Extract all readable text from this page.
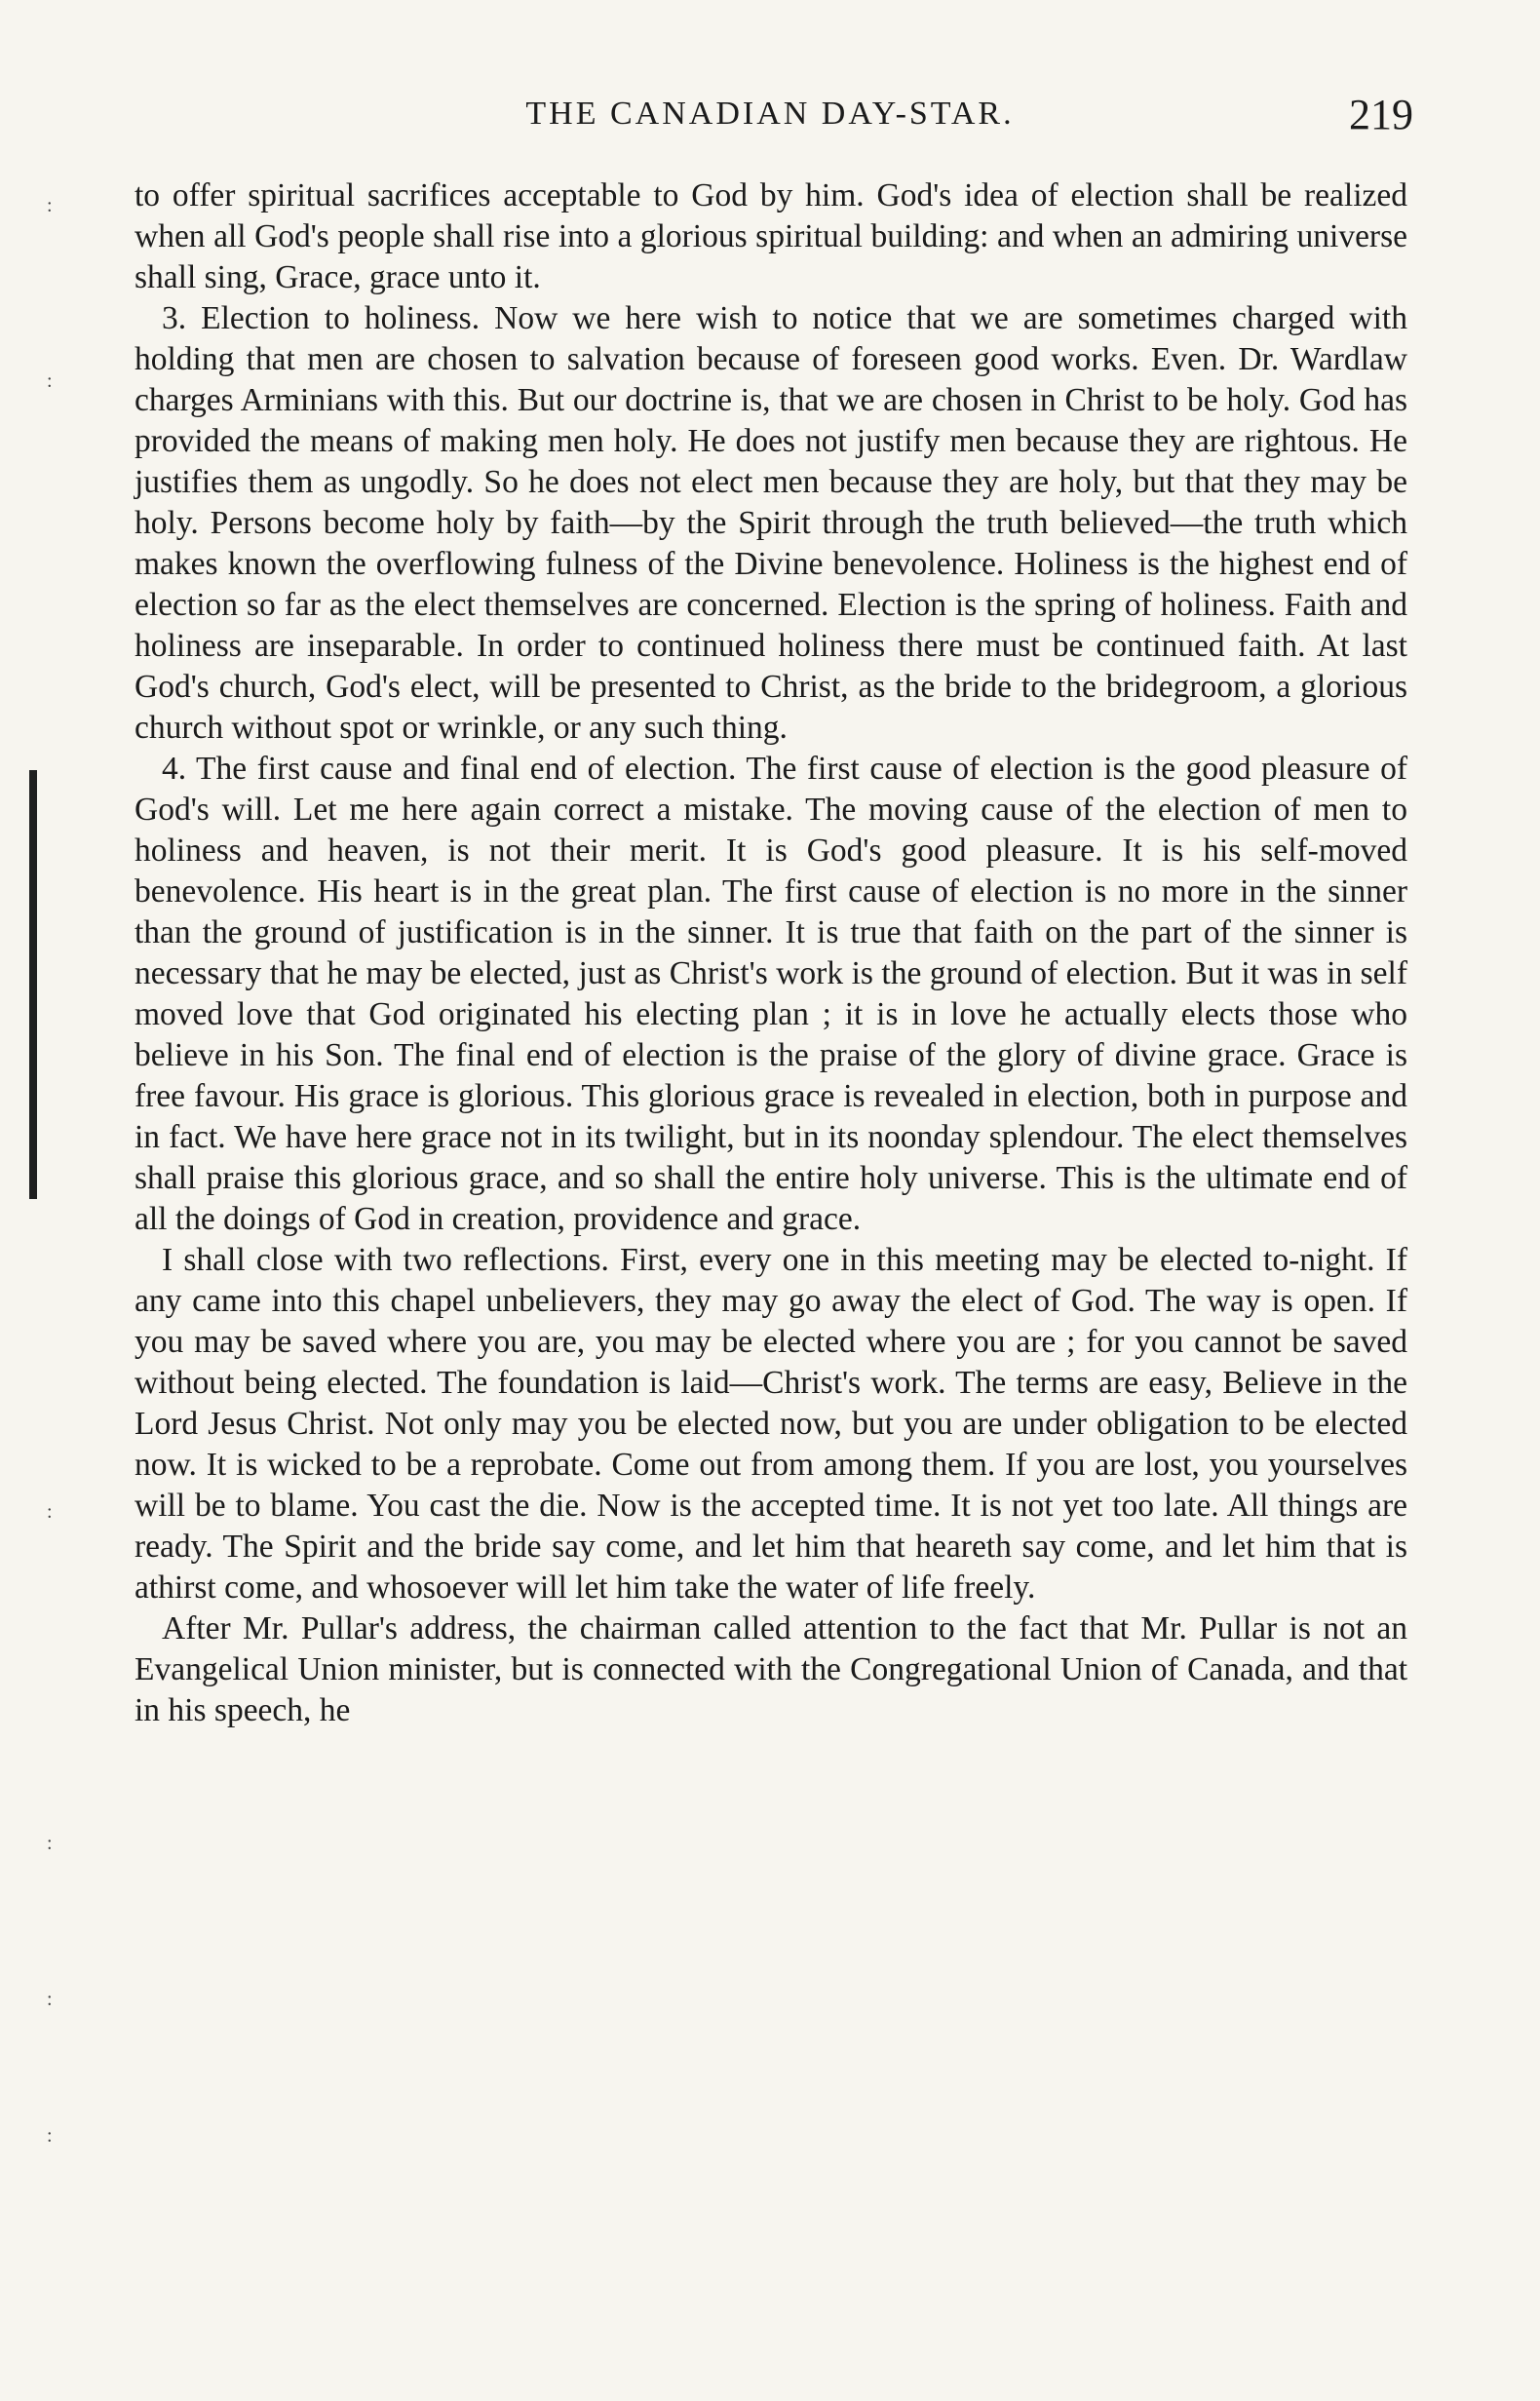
THE CANADIAN DAY-STAR.	219
:
:
:
:
:
:

to offer spiritual sacrifices acceptable to God by him. God's idea of election shall be realized when all God's people shall rise into a glorious spiritual building: and when an admiring universe shall sing, Grace, grace unto it.

3. Election to holiness. Now we here wish to notice that we are sometimes charged with holding that men are chosen to salvation because of foreseen good works. Even. Dr. Wardlaw charges Arminians with this. But our doctrine is, that we are chosen in Christ to be holy. God has provided the means of making men holy. He does not justify men because they are rightous. He justifies them as ungodly. So he does not elect men because they are holy, but that they may be holy. Persons become holy by faith—by the Spirit through the truth believed—the truth which makes known the overflowing fulness of the Divine benevolence. Holiness is the highest end of election so far as the elect themselves are concerned. Election is the spring of holiness. Faith and holiness are inseparable. In order to continued holiness there must be continued faith. At last God's church, God's elect, will be presented to Christ, as the bride to the bridegroom, a glorious church without spot or wrinkle, or any such thing.

4. The first cause and final end of election. The first cause of election is the good pleasure of God's will. Let me here again correct a mistake. The moving cause of the election of men to holiness and heaven, is not their merit. It is God's good pleasure. It is his self-moved benevolence. His heart is in the great plan. The first cause of election is no more in the sinner than the ground of justification is in the sinner. It is true that faith on the part of the sinner is necessary that he may be elected, just as Christ's work is the ground of election. But it was in self moved love that God originated his electing plan ; it is in love he actually elects those who believe in his Son. The final end of election is the praise of the glory of divine grace. Grace is free favour. His grace is glorious. This glorious grace is revealed in election, both in purpose and in fact. We have here grace not in its twilight, but in its noonday splendour. The elect themselves shall praise this glorious grace, and so shall the entire holy universe. This is the ultimate end of all the doings of God in creation, providence and grace.

I shall close with two reflections. First, every one in this meeting may be elected to-night. If any came into this chapel unbelievers, they may go away the elect of God. The way is open. If you may be saved where you are, you may be elected where you are ; for you cannot be saved without being elected. The foundation is laid—Christ's work. The terms are easy, Believe in the Lord Jesus Christ. Not only may you be elected now, but you are under obligation to be elected now. It is wicked to be a reprobate. Come out from among them. If you are lost, you yourselves will be to blame. You cast the die. Now is the accepted time. It is not yet too late. All things are ready. The Spirit and the bride say come, and let him that heareth say come, and let him that is athirst come, and whosoever will let him take the water of life freely.

After Mr. Pullar's address, the chairman called attention to the fact that Mr. Pullar is not an Evangelical Union minister, but is connected with the Congregational Union of Canada, and that in his speech, he
